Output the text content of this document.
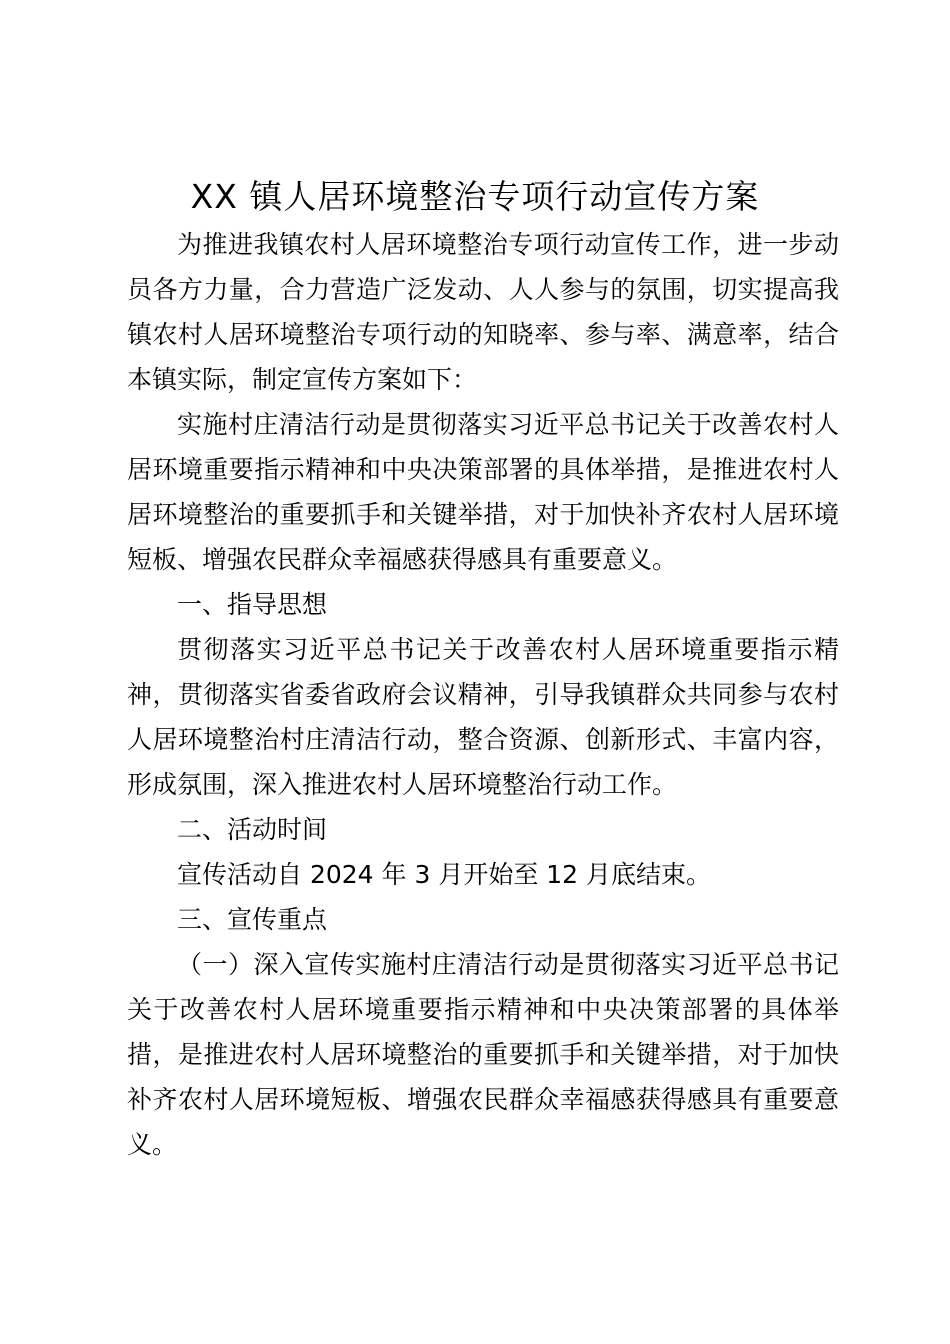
XX 镇人居环境整治专项行动宣传方案

为推进我镇农村人居环境整治专项行动宣传工作，进一步动员各方力量，合力营造广泛发动、人人参与的氛围，切实提高我镇农村人居环境整治专项行动的知晓率、参与率、满意率，结合本镇实际，制定宣传方案如下：

实施村庄清洁行动是贯彻落实习近平总书记关于改善农村人居环境重要指示精神和中央决策部署的具体举措，是推进农村人居环境整治的重要抓手和关键举措，对于加快补齐农村人居环境短板、增强农民群众幸福感获得感具有重要意义。

一、指导思想

贯彻落实习近平总书记关于改善农村人居环境重要指示精神，贯彻落实省委省政府会议精神，引导我镇群众共同参与农村人居环境整治村庄清洁行动，整合资源、创新形式、丰富内容，形成氛围，深入推进农村人居环境整治行动工作。

二、活动时间

宣传活动自 2024 年 3 月开始至 12 月底结束。

三、宣传重点

（一）深入宣传实施村庄清洁行动是贯彻落实习近平总书记关于改善农村人居环境重要指示精神和中央决策部署的具体举措，是推进农村人居环境整治的重要抓手和关键举措，对于加快补齐农村人居环境短板、增强农民群众幸福感获得感具有重要意义。
